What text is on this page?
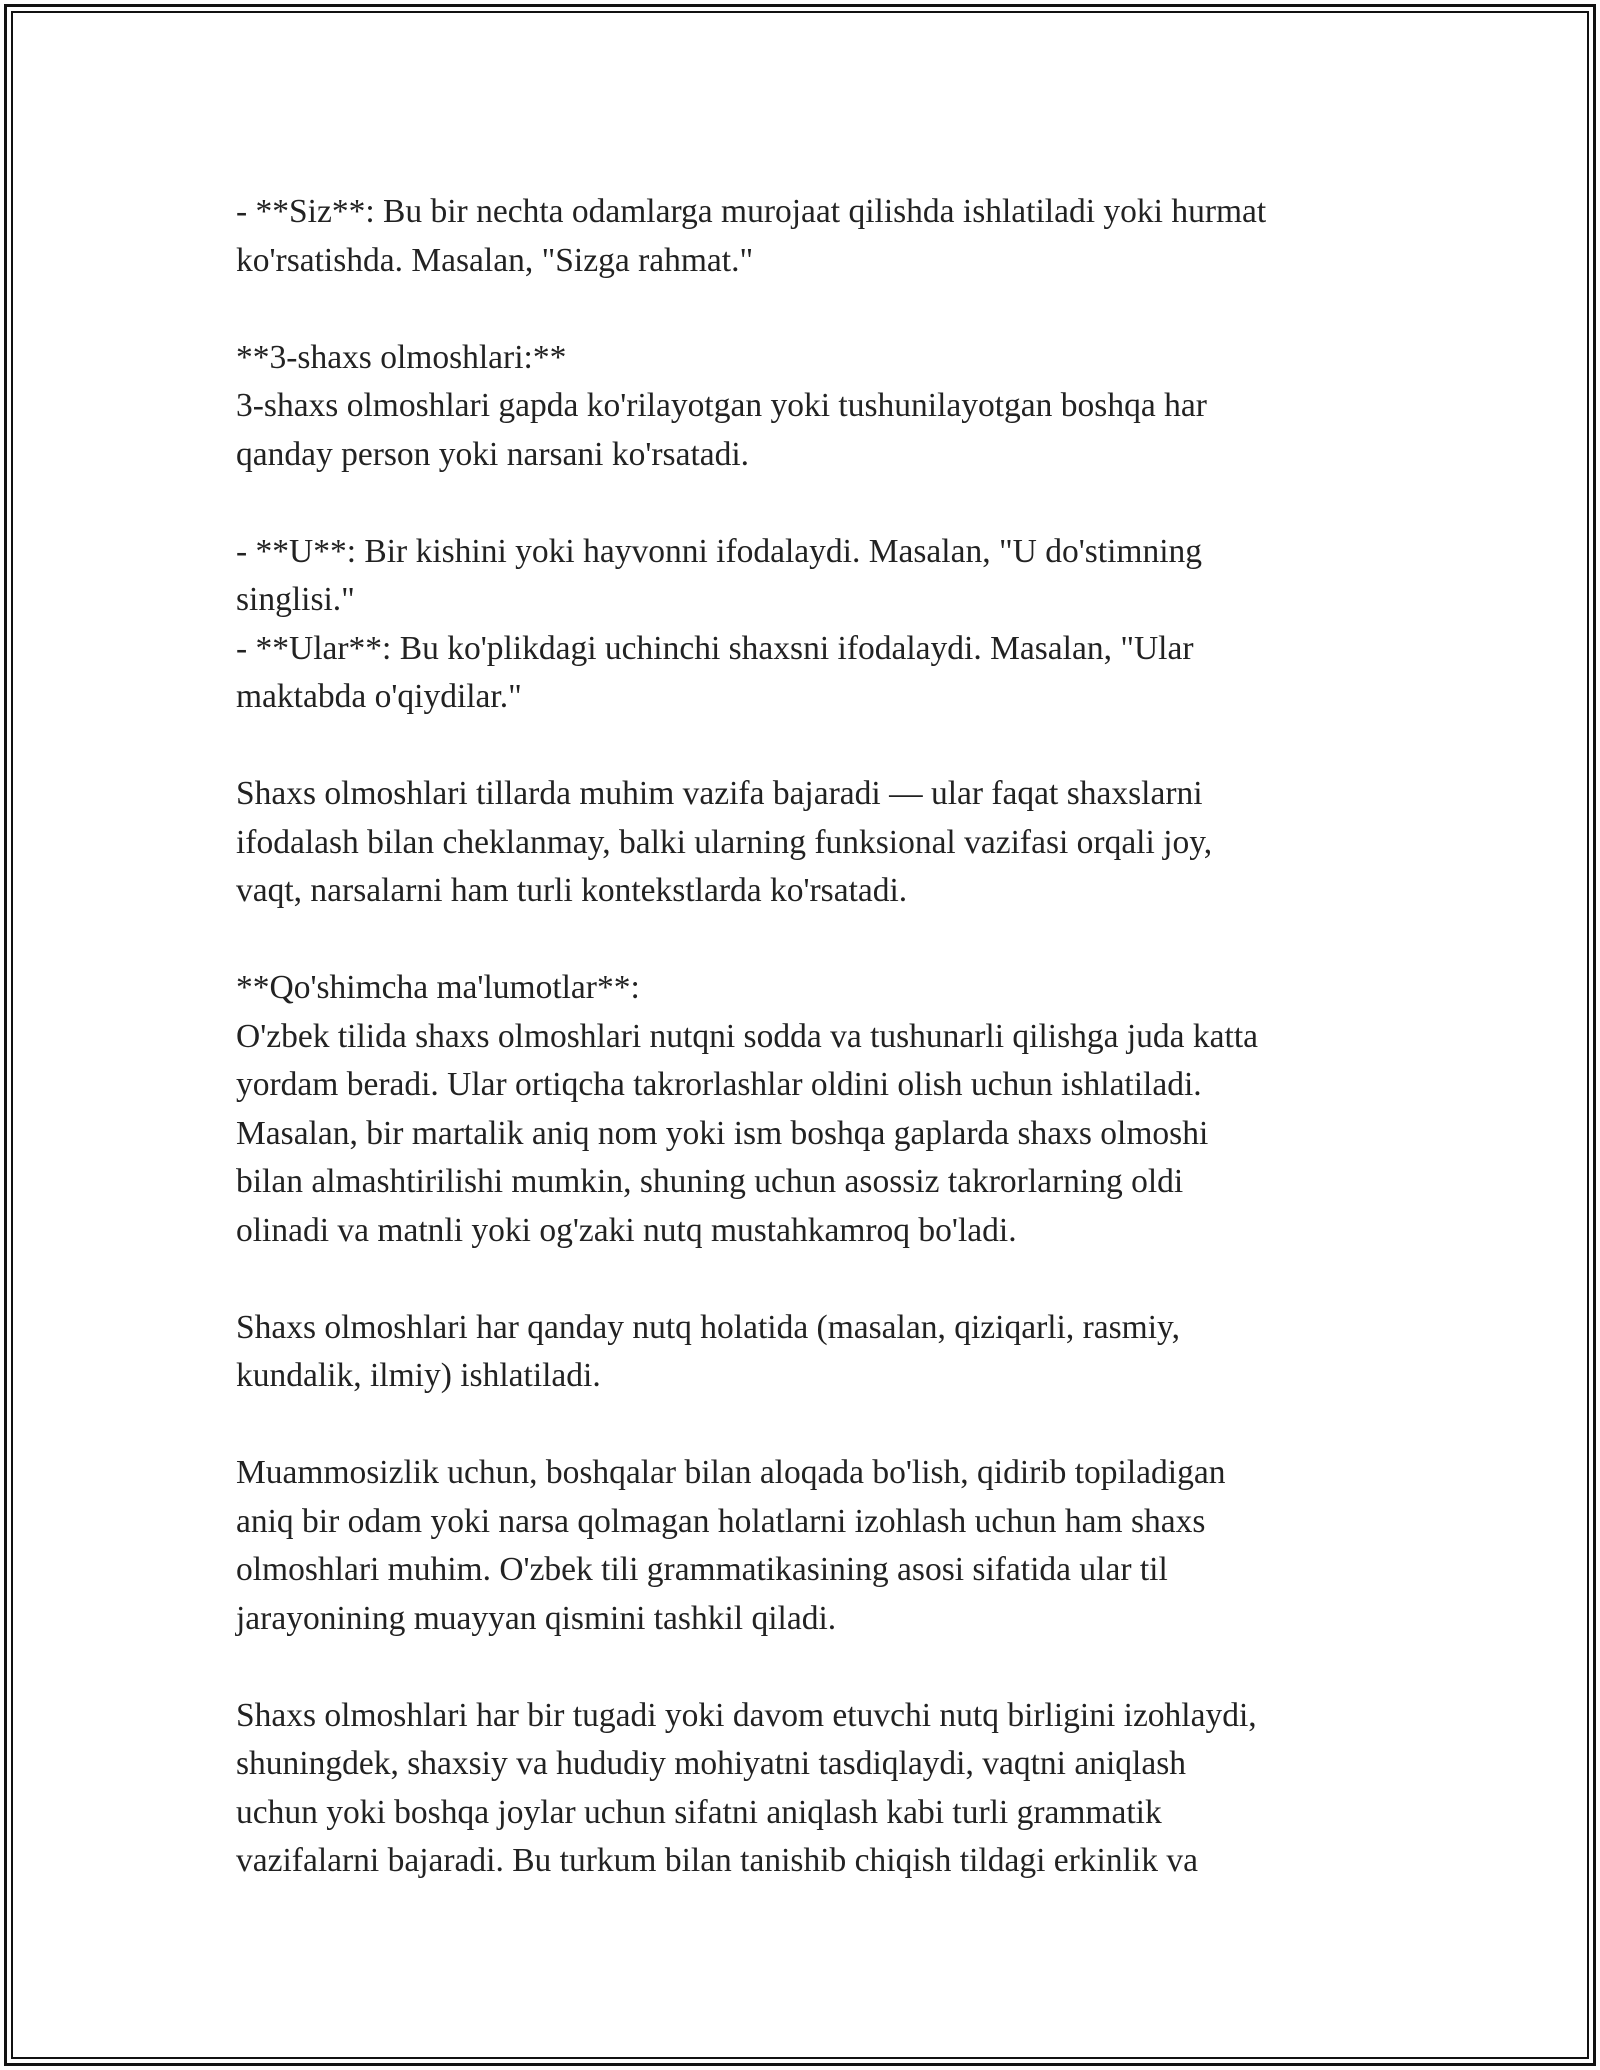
- **Siz**: Bu bir nechta odamlarga murojaat qilishda ishlatiladi yoki hurmat

ko'rsatishda. Masalan, "Sizga rahmat."

**3-shaxs olmoshlari:**

3-shaxs olmoshlari gapda ko'rilayotgan yoki tushunilayotgan boshqa har

qanday person yoki narsani ko'rsatadi.

- **U**: Bir kishini yoki hayvonni ifodalaydi. Masalan, "U do'stimning

singlisi."

- **Ular**: Bu ko'plikdagi uchinchi shaxsni ifodalaydi. Masalan, "Ular

maktabda o'qiydilar."

Shaxs olmoshlari tillarda muhim vazifa bajaradi — ular faqat shaxslarni

ifodalash bilan cheklanmay, balki ularning funksional vazifasi orqali joy,

vaqt, narsalarni ham turli kontekstlarda ko'rsatadi.

**Qo'shimcha ma'lumotlar**:

O'zbek tilida shaxs olmoshlari nutqni sodda va tushunarli qilishga juda katta

yordam beradi. Ular ortiqcha takrorlashlar oldini olish uchun ishlatiladi.

Masalan, bir martalik aniq nom yoki ism boshqa gaplarda shaxs olmoshi

bilan almashtirilishi mumkin, shuning uchun asossiz takrorlarning oldi

olinadi va matnli yoki og'zaki nutq mustahkamroq bo'ladi.

Shaxs olmoshlari har qanday nutq holatida (masalan, qiziqarli, rasmiy,

kundalik, ilmiy) ishlatiladi.

Muammosizlik uchun, boshqalar bilan aloqada bo'lish, qidirib topiladigan

aniq bir odam yoki narsa qolmagan holatlarni izohlash uchun ham shaxs

olmoshlari muhim. O'zbek tili grammatikasining asosi sifatida ular til

jarayonining muayyan qismini tashkil qiladi.

Shaxs olmoshlari har bir tugadi yoki davom etuvchi nutq birligini izohlaydi,

shuningdek, shaxsiy va hududiy mohiyatni tasdiqlaydi, vaqtni aniqlash

uchun yoki boshqa joylar uchun sifatni aniqlash kabi turli grammatik

vazifalarni bajaradi. Bu turkum bilan tanishib chiqish tildagi erkinlik va
